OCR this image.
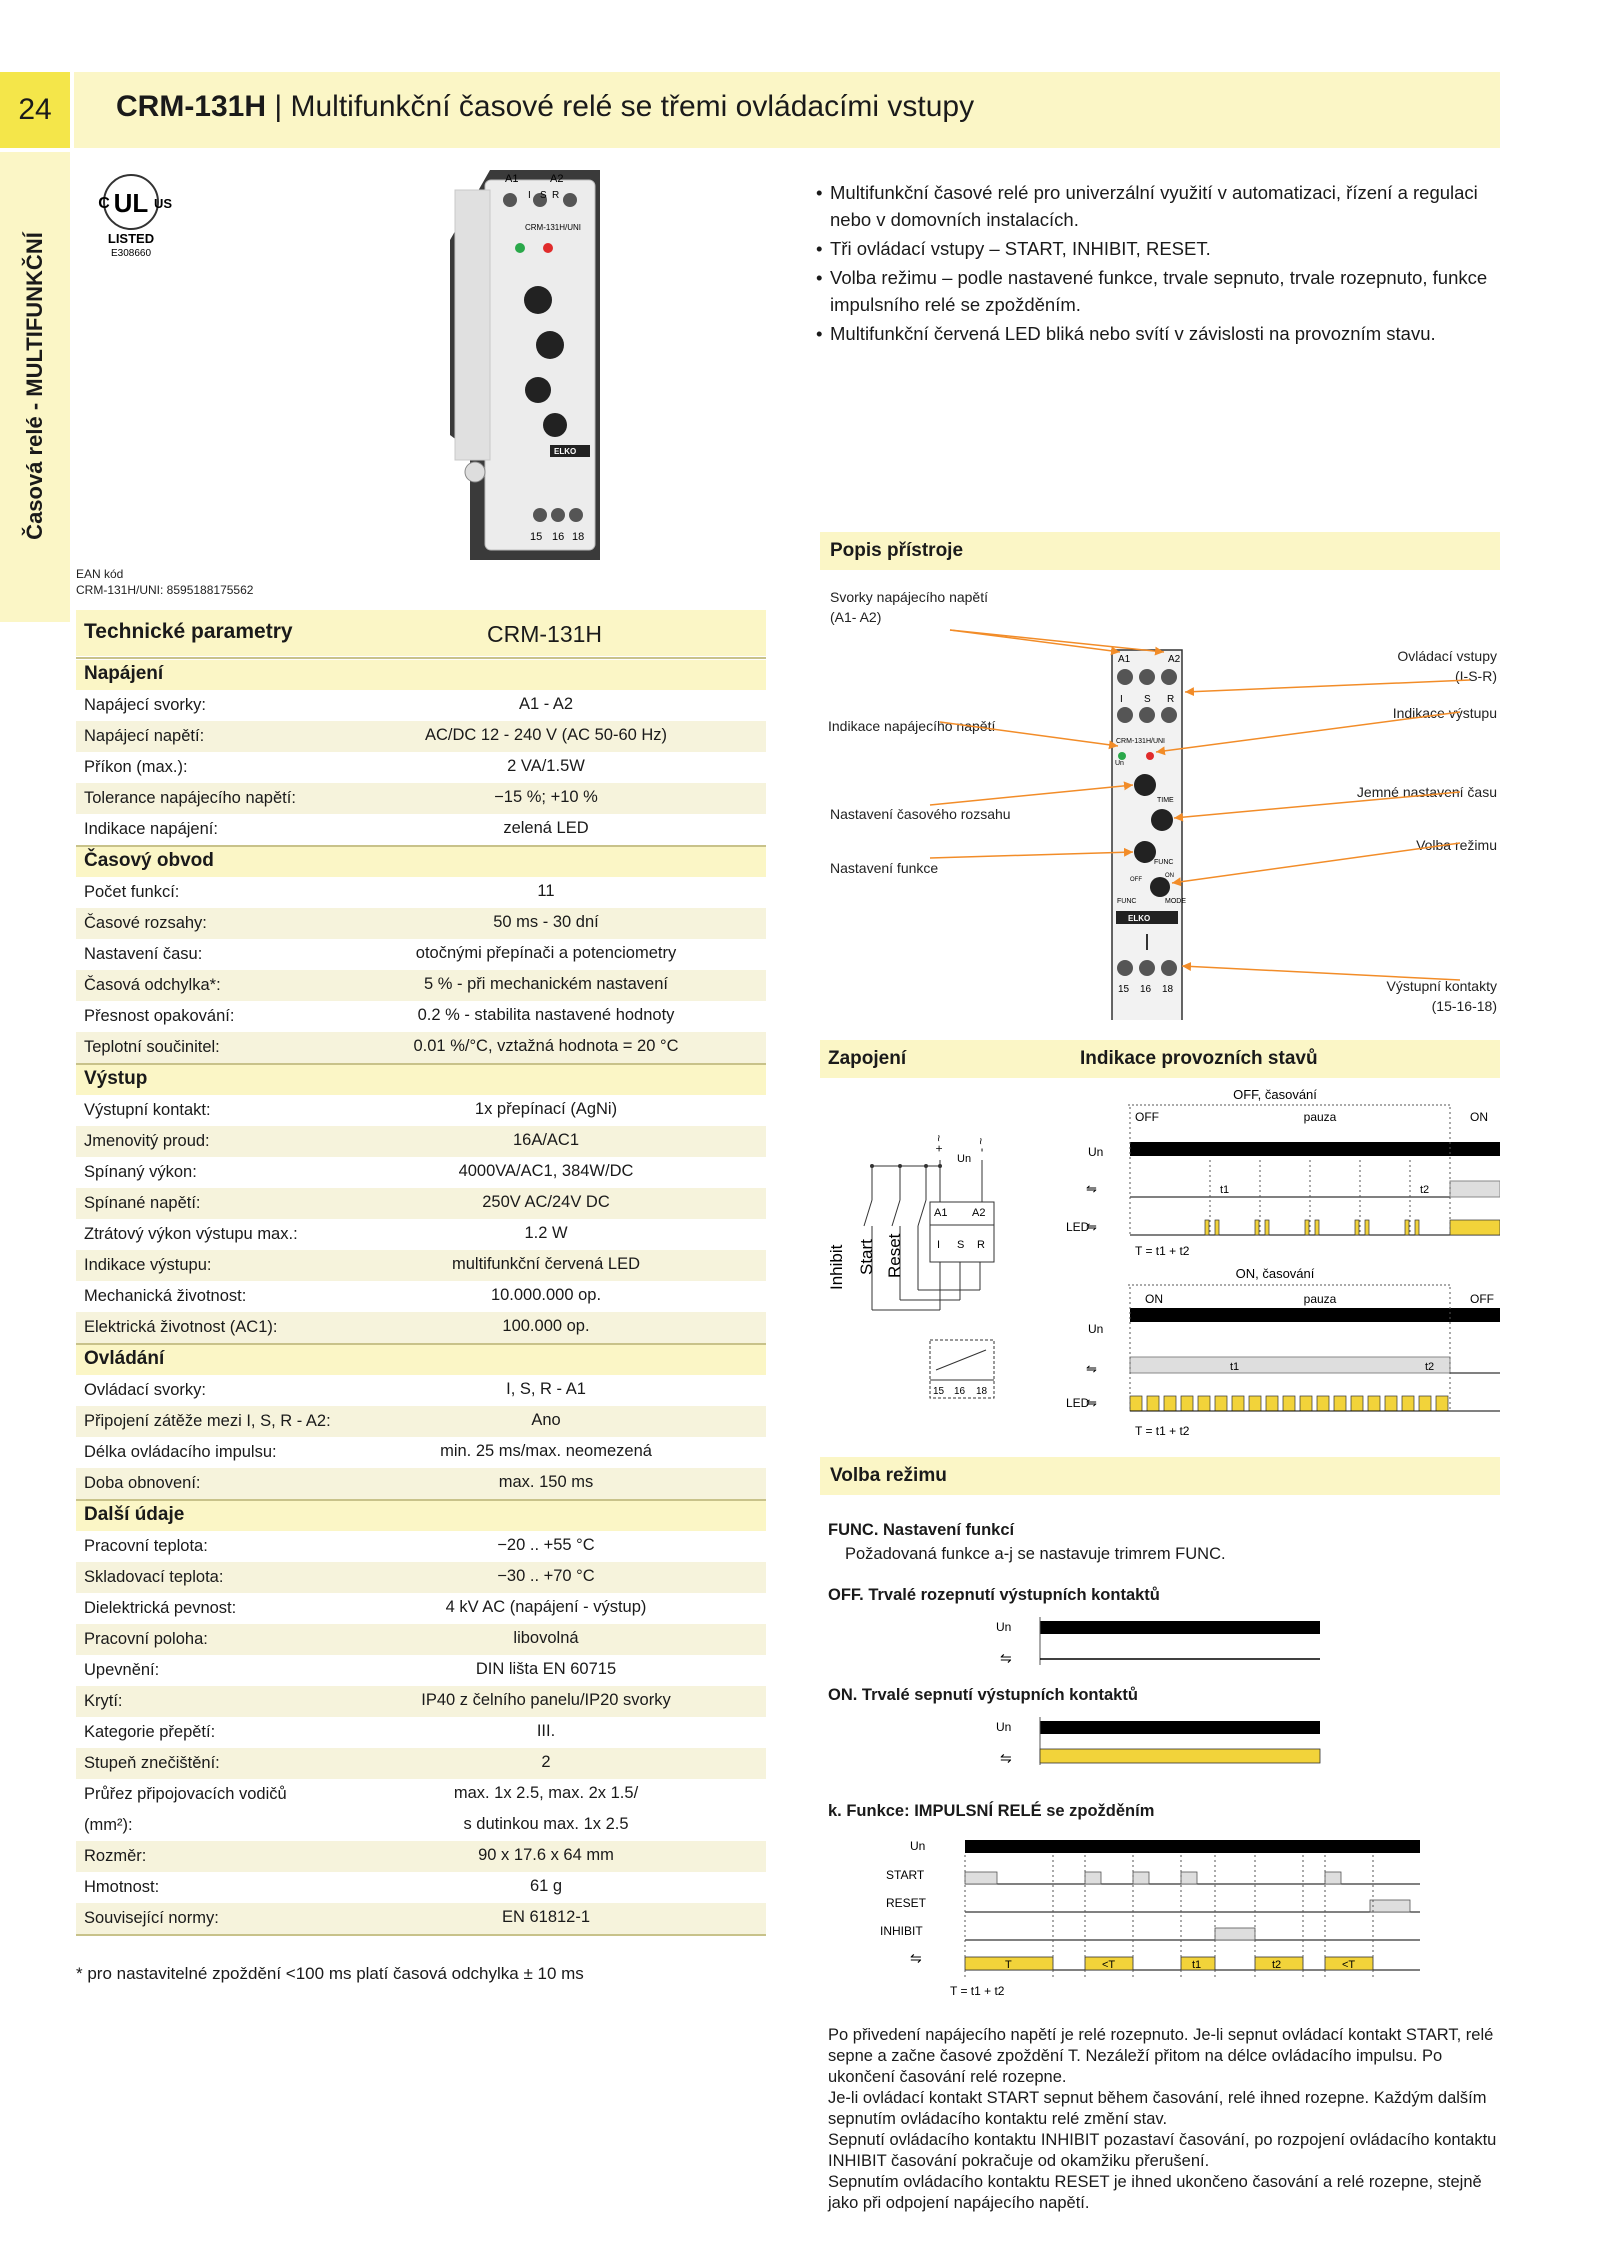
24 CRM-131H | Multifunkční časové relé se třemi ovládacími vstupy
Časová relé - MULTIFUNKČNÍ
UL
C	US
LISTED
E308660
A1	A2
I S R
CRM-131H/UNI
ELKO
15 16 18
EAN kód
CRM-131H/UNI: 8595188175562
• Multifunkční časové relé pro univerzální využití v automatizaci, řízení a regulaci nebo v domovních instalacích.
• Tři ovládací vstupy – START, INHIBIT, RESET.
• Volba režimu – podle nastavené funkce, trvale sepnuto, trvale rozepnuto, funkce impulsního relé se zpožděním.
• Multifunkční červená LED bliká nebo svítí v závislosti na provozním stavu.
Technické parametry	CRM-131H
Napájení
Napájecí svorky:	A1 - A2
Napájecí napětí:	AC/DC 12 - 240 V (AC 50-60 Hz)
Příkon (max.):	2 VA/1.5W
Tolerance napájecího napětí:	−15 %; +10 %
Indikace napájení:	zelená LED
Časový obvod
Počet funkcí:	11
Časové rozsahy:	50 ms - 30 dní
Nastavení času:	otočnými přepínači a potenciometry
Časová odchylka*:	5 % - při mechanickém nastavení
Přesnost opakování:	0.2 % - stabilita nastavené hodnoty
Teplotní součinitel:	0.01 %/°C, vztažná hodnota = 20 °C
Výstup
Výstupní kontakt:	1x přepínací (AgNi)
Jmenovitý proud:	16A/AC1
Spínaný výkon:	4000VA/AC1, 384W/DC
Spínané napětí:	250V AC/24V DC
Ztrátový výkon výstupu max.:	1.2 W
Indikace výstupu:	multifunkční červená LED
Mechanická životnost:	10.000.000 op.
Elektrická životnost (AC1):	100.000 op.
Ovládání
Ovládací svorky:	I, S, R - A1
Připojení zátěže mezi I, S, R - A2:	Ano
Délka ovládacího impulsu:	min. 25 ms/max. neomezená
Doba obnovení:	max. 150 ms
Další údaje
Pracovní teplota:	−20 .. +55 °C
Skladovací teplota:	−30 .. +70 °C
Dielektrická pevnost:	4 kV AC (napájení - výstup)
Pracovní poloha:	libovolná
Upevnění:	DIN lišta EN 60715
Krytí:	IP40 z čelního panelu/IP20 svorky
Kategorie přepětí:	III.
Stupeň znečištění:	2
Průřez připojovacích vodičů	max. 1x 2.5, max. 2x 1.5/
(mm²):	s dutinkou max. 1x 2.5
Rozměr:	90 x 17.6 x 64 mm
Hmotnost:	61 g
Související normy:	EN 61812-1
* pro nastavitelné zpoždění <100 ms platí časová odchylka ± 10 ms
Popis přístroje
Svorky napájecího napětí
(A1- A2)
Indikace napájecího napětí
Nastavení časového rozsahu
Nastavení funkce
Ovládací vstupy
(I-S-R)
Indikace výstupu
Jemné nastavení času
Volba režimu
Výstupní kontakty
(15-16-18)
A1	A2
I S R
CRM-131H/UNI
Un
TIME
FUNC
MODE
FUNC
OFF
ON
ELKO
15 16 18
Zapojení	Indikace provozních stavů
+ ~ - ~
Un
A1 A2
I S R
Inhibit Start Reset
15 16 18
OFF, časování
OFF	pauza	ON
Un
⇋	t1	t2
LED
⇋
T = t1 + t2
ON, časování
ON	pauza	OFF
Un
⇋	t1	t2
LED
⇋
T = t1 + t2
Volba režimu
FUNC. Nastavení funkcí
Požadovaná funkce a-j se nastavuje trimrem FUNC.
OFF. Trvalé rozepnutí výstupních kontaktů
Un
⇋
ON. Trvalé sepnutí výstupních kontaktů
Un
⇋
k. Funkce: IMPULSNÍ RELÉ se zpožděním
Un
START
RESET
INHIBIT
⇋	T	<T	t1	t2	<T
T = t1 + t2
Po přivedení napájecího napětí je relé rozepnuto. Je-li sepnut ovládací kontakt START, relé sepne a začne časové zpoždění T. Nezáleží přitom na délce ovládacího impulsu. Po ukončení časování relé rozepne.
Je-li ovládací kontakt START sepnut během časování, relé ihned rozepne. Každým dalším sepnutím ovládacího kontaktu relé změní stav.
Sepnutí ovládacího kontaktu INHIBIT pozastaví časování, po rozpojení ovládacího kontaktu INHIBIT časování pokračuje od okamžiku přerušení.
Sepnutím ovládacího kontaktu RESET je ihned ukončeno časování a relé rozepne, stejně jako při odpojení napájecího napětí.
